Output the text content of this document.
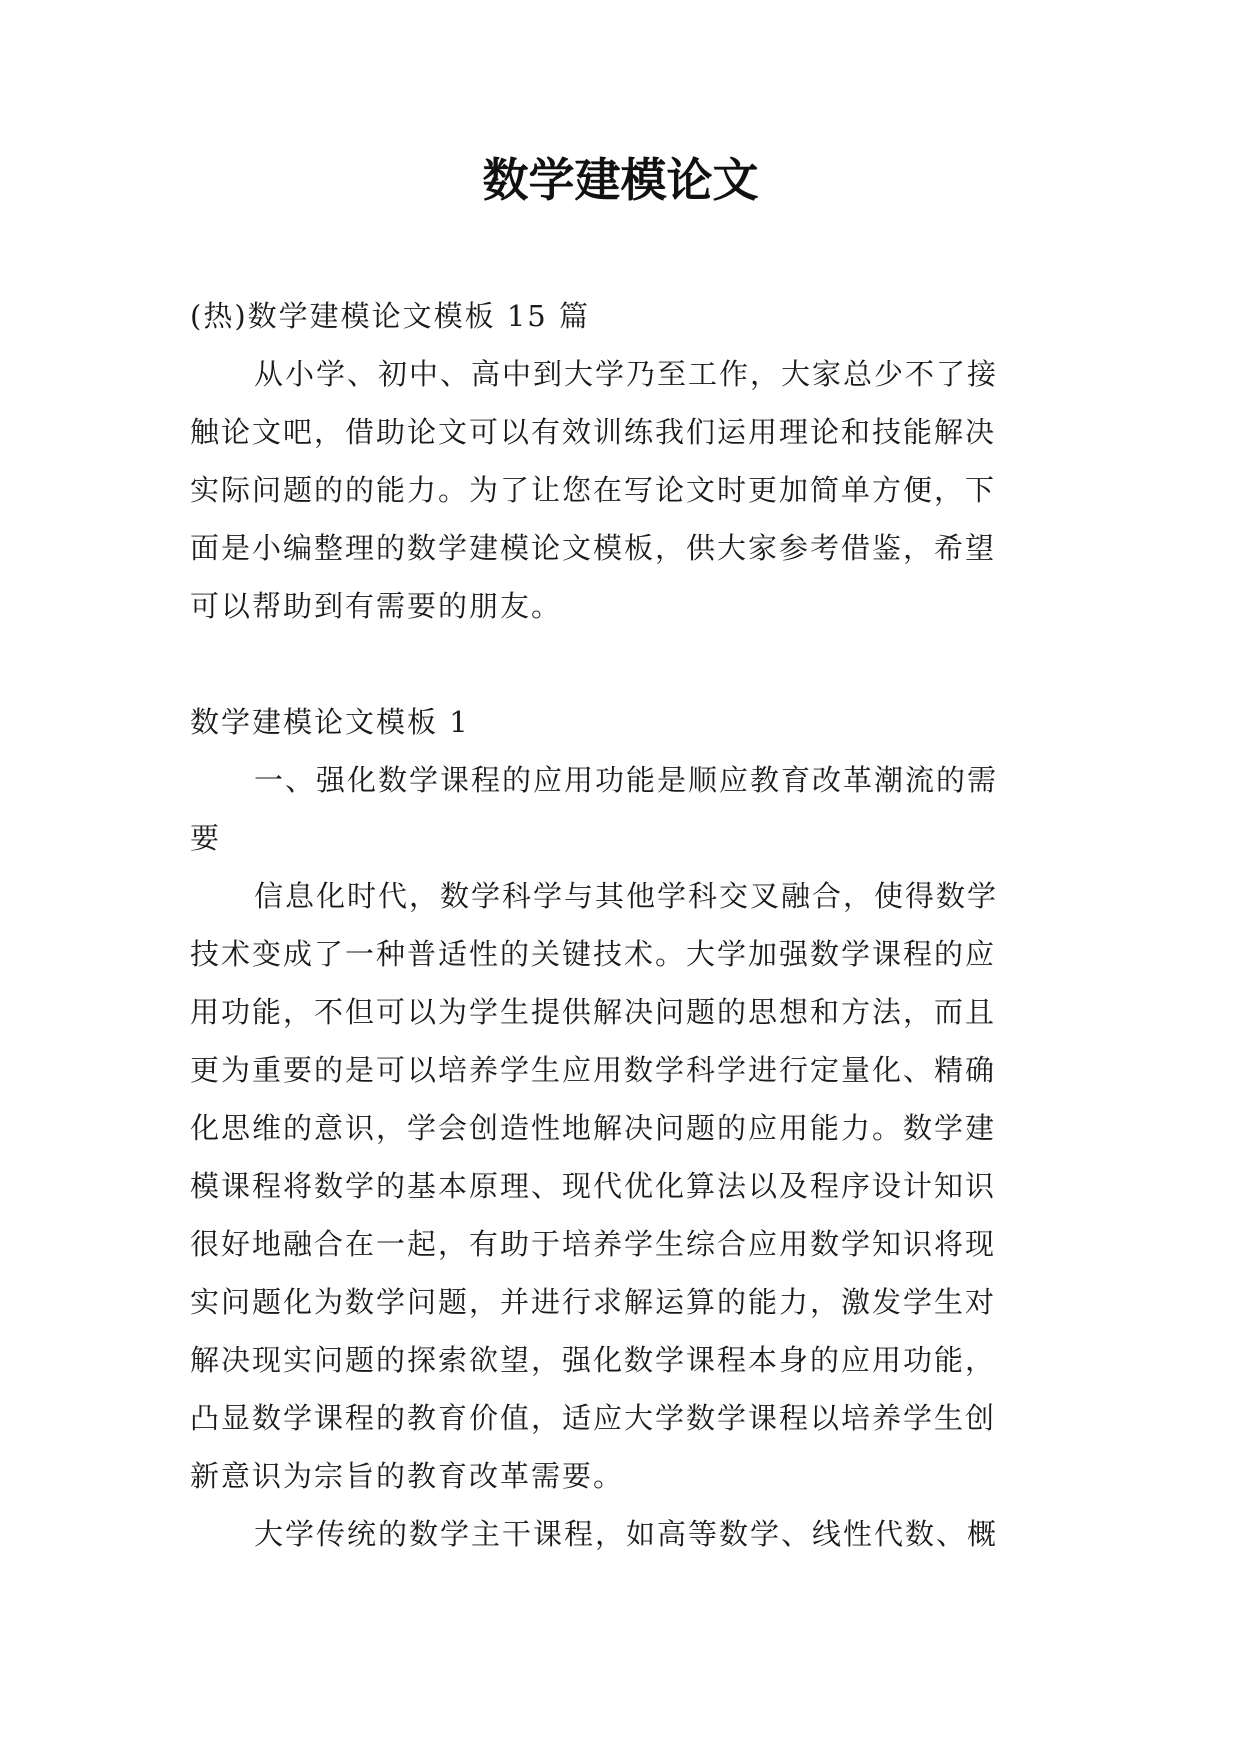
数学建模论文
(热)数学建模论文模板 15 篇
从小学、初中、高中到大学乃至工作，大家总少不了接
触论文吧，借助论文可以有效训练我们运用理论和技能解决
实际问题的的能力。为了让您在写论文时更加简单方便，下
面是小编整理的数学建模论文模板，供大家参考借鉴，希望
可以帮助到有需要的朋友。
数学建模论文模板 1
一、强化数学课程的应用功能是顺应教育改革潮流的需
要
信息化时代，数学科学与其他学科交叉融合，使得数学
技术变成了一种普适性的关键技术。大学加强数学课程的应
用功能，不但可以为学生提供解决问题的思想和方法，而且
更为重要的是可以培养学生应用数学科学进行定量化、精确
化思维的意识，学会创造性地解决问题的应用能力。数学建
模课程将数学的基本原理、现代优化算法以及程序设计知识
很好地融合在一起，有助于培养学生综合应用数学知识将现
实问题化为数学问题，并进行求解运算的能力，激发学生对
解决现实问题的探索欲望，强化数学课程本身的应用功能，
凸显数学课程的教育价值，适应大学数学课程以培养学生创
新意识为宗旨的教育改革需要。
大学传统的数学主干课程，如高等数学、线性代数、概
